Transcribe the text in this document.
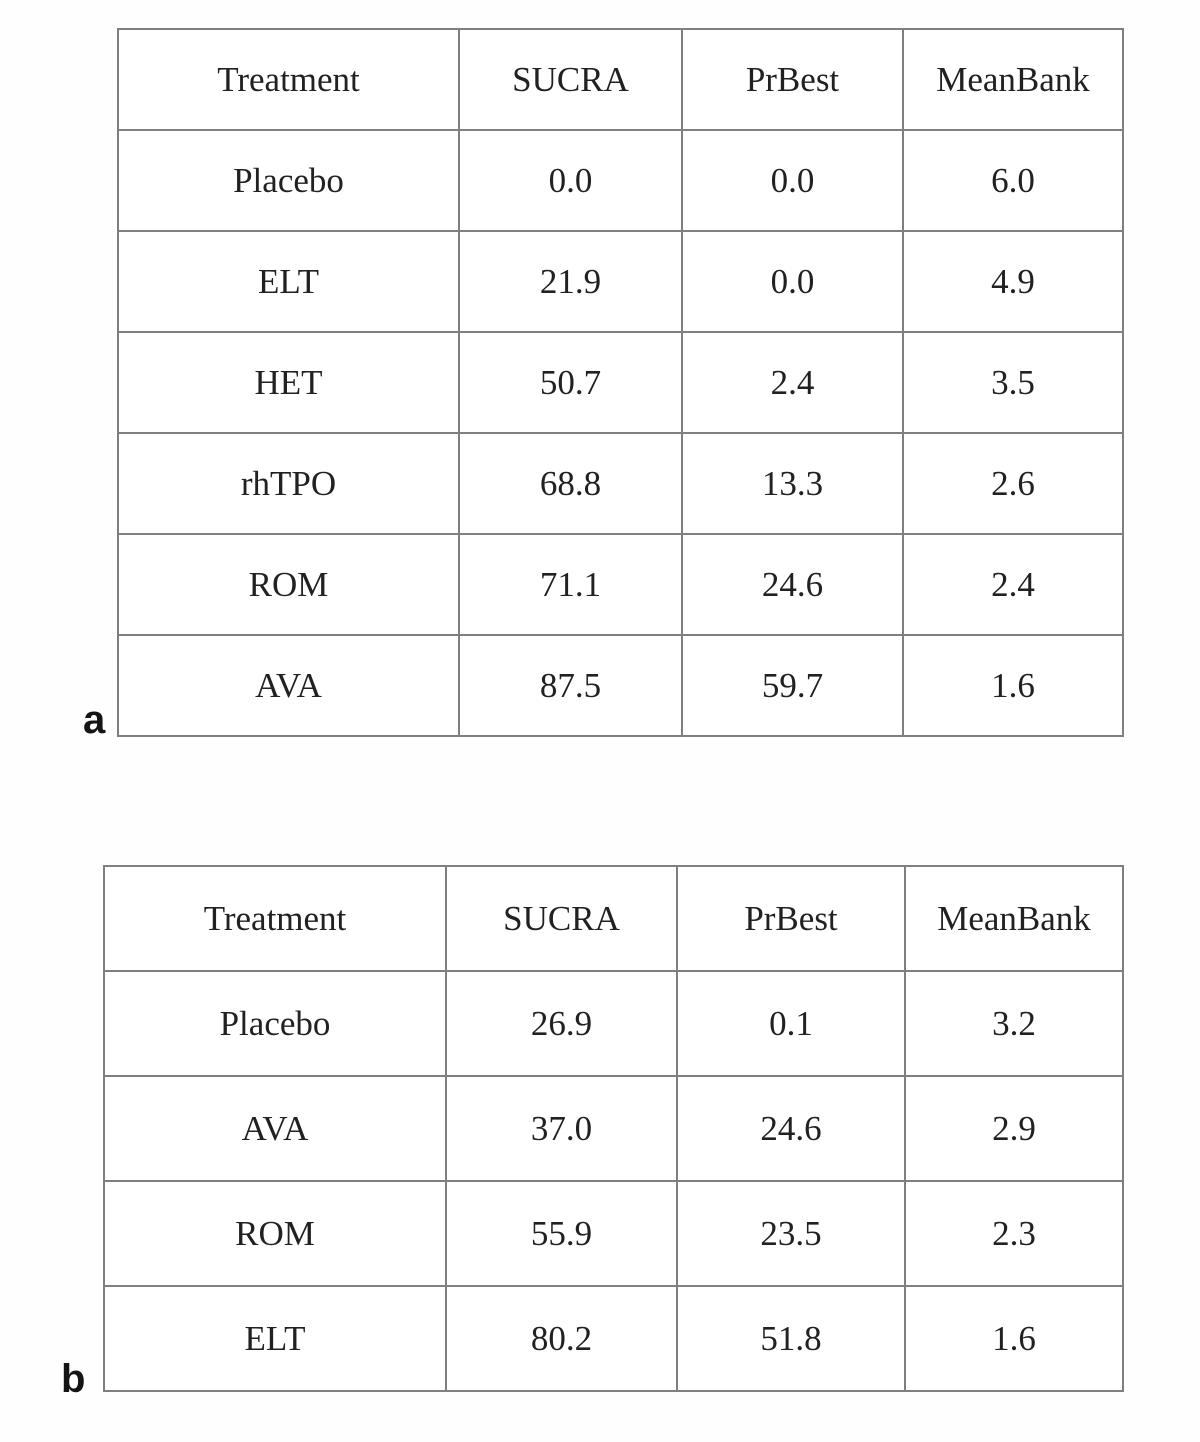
a
Treatment	SUCRA	PrBest	MeanBank
Placebo	0.0	0.0	6.0
ELT	21.9	0.0	4.9
HET	50.7	2.4	3.5
rhTPO	68.8	13.3	2.6
ROM	71.1	24.6	2.4
AVA	87.5	59.7	1.6
b
Treatment	SUCRA	PrBest	MeanBank
Placebo	26.9	0.1	3.2
AVA	37.0	24.6	2.9
ROM	55.9	23.5	2.3
ELT	80.2	51.8	1.6
